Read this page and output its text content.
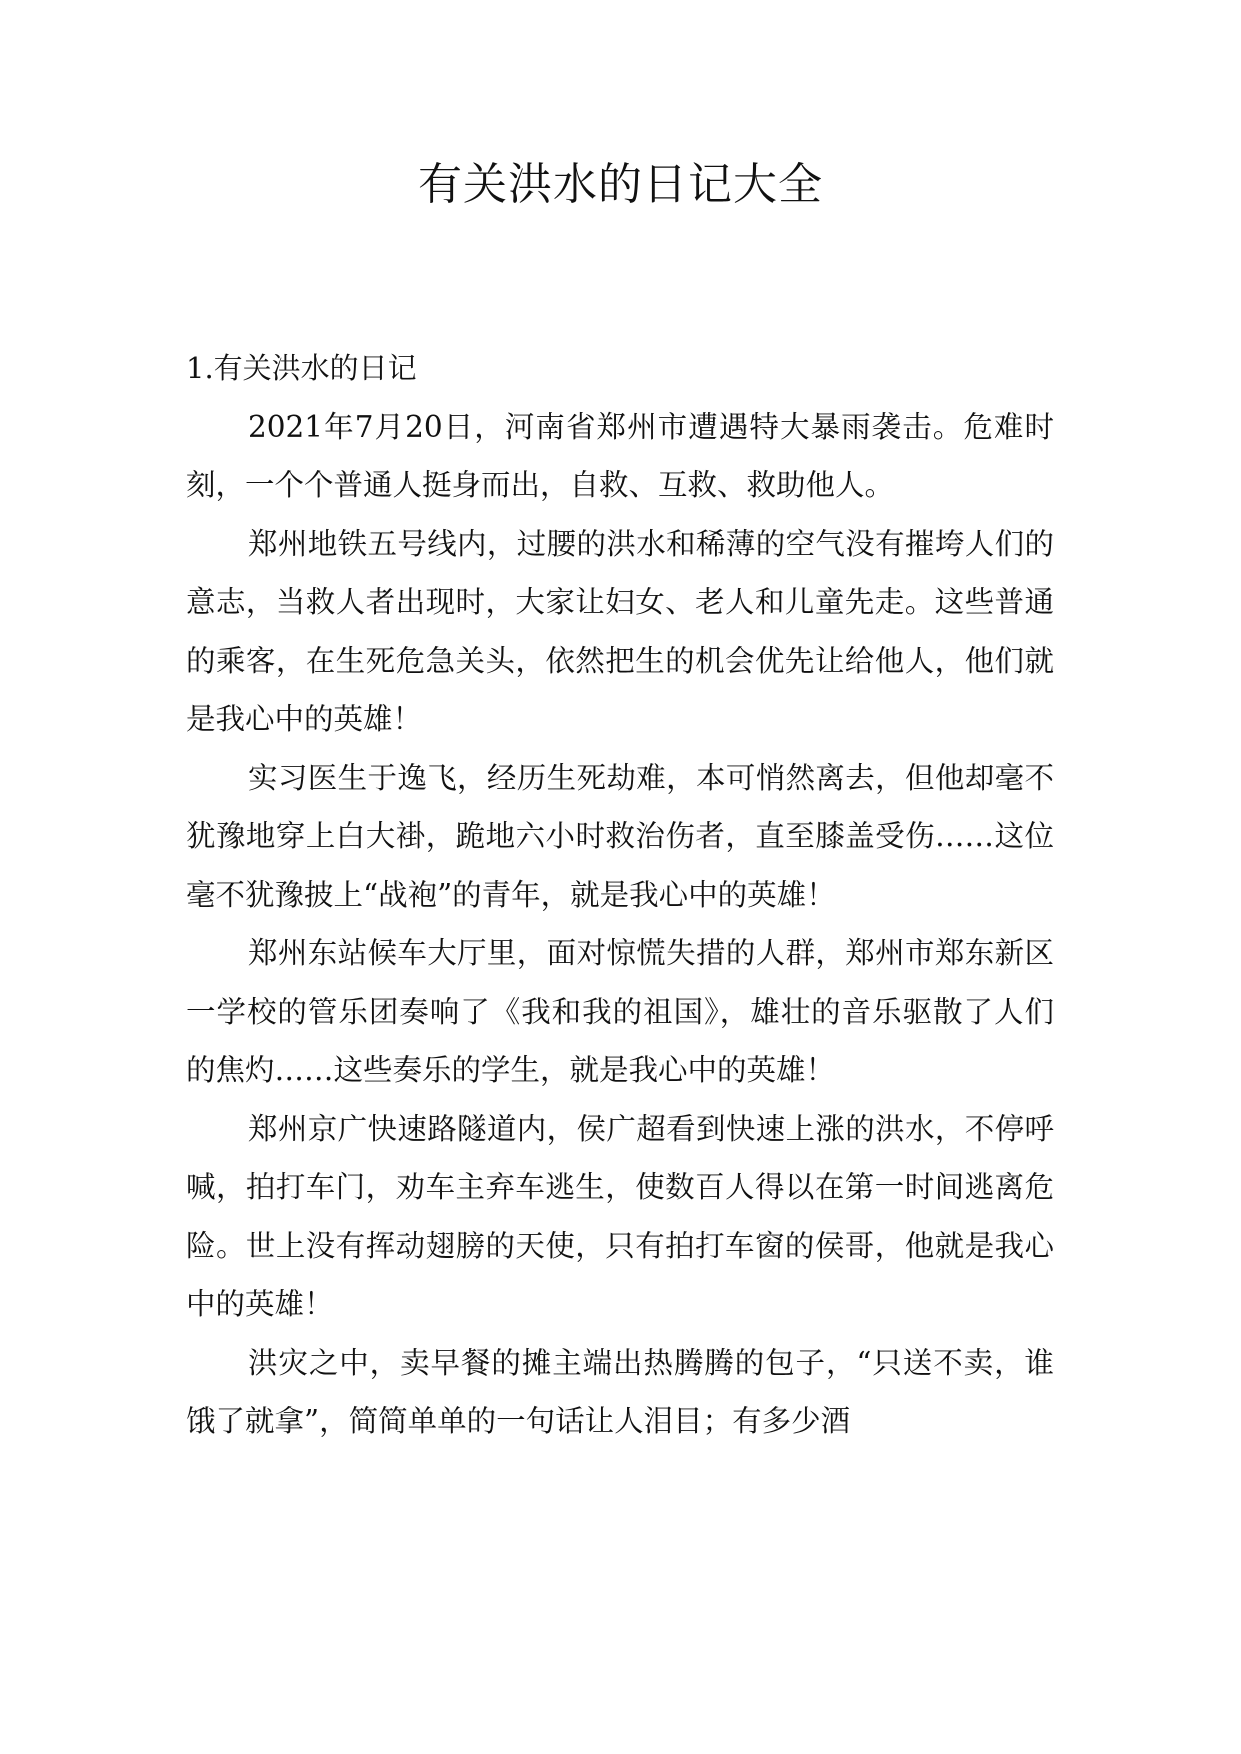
有关洪水的日记大全
1.有关洪水的日记

2021年7月20日，河南省郑州市遭遇特大暴雨袭击。危难时刻，一个个普通人挺身而出，自救、互救、救助他人。

郑州地铁五号线内，过腰的洪水和稀薄的空气没有摧垮人们的意志，当救人者出现时，大家让妇女、老人和儿童先走。这些普通的乘客，在生死危急关头，依然把生的机会优先让给他人，他们就是我心中的英雄！

实习医生于逸飞，经历生死劫难，本可悄然离去，但他却毫不犹豫地穿上白大褂，跪地六小时救治伤者，直至膝盖受伤……这位毫不犹豫披上“战袍”的青年，就是我心中的英雄！

郑州东站候车大厅里，面对惊慌失措的人群，郑州市郑东新区一学校的管乐团奏响了《我和我的祖国》，雄壮的音乐驱散了人们的焦灼……这些奏乐的学生，就是我心中的英雄！

郑州京广快速路隧道内，侯广超看到快速上涨的洪水，不停呼喊，拍打车门，劝车主弃车逃生，使数百人得以在第一时间逃离危险。世上没有挥动翅膀的天使，只有拍打车窗的侯哥，他就是我心中的英雄！

洪灾之中，卖早餐的摊主端出热腾腾的包子，“只送不卖，谁饿了就拿”，简简单单的一句话让人泪目；有多少酒
